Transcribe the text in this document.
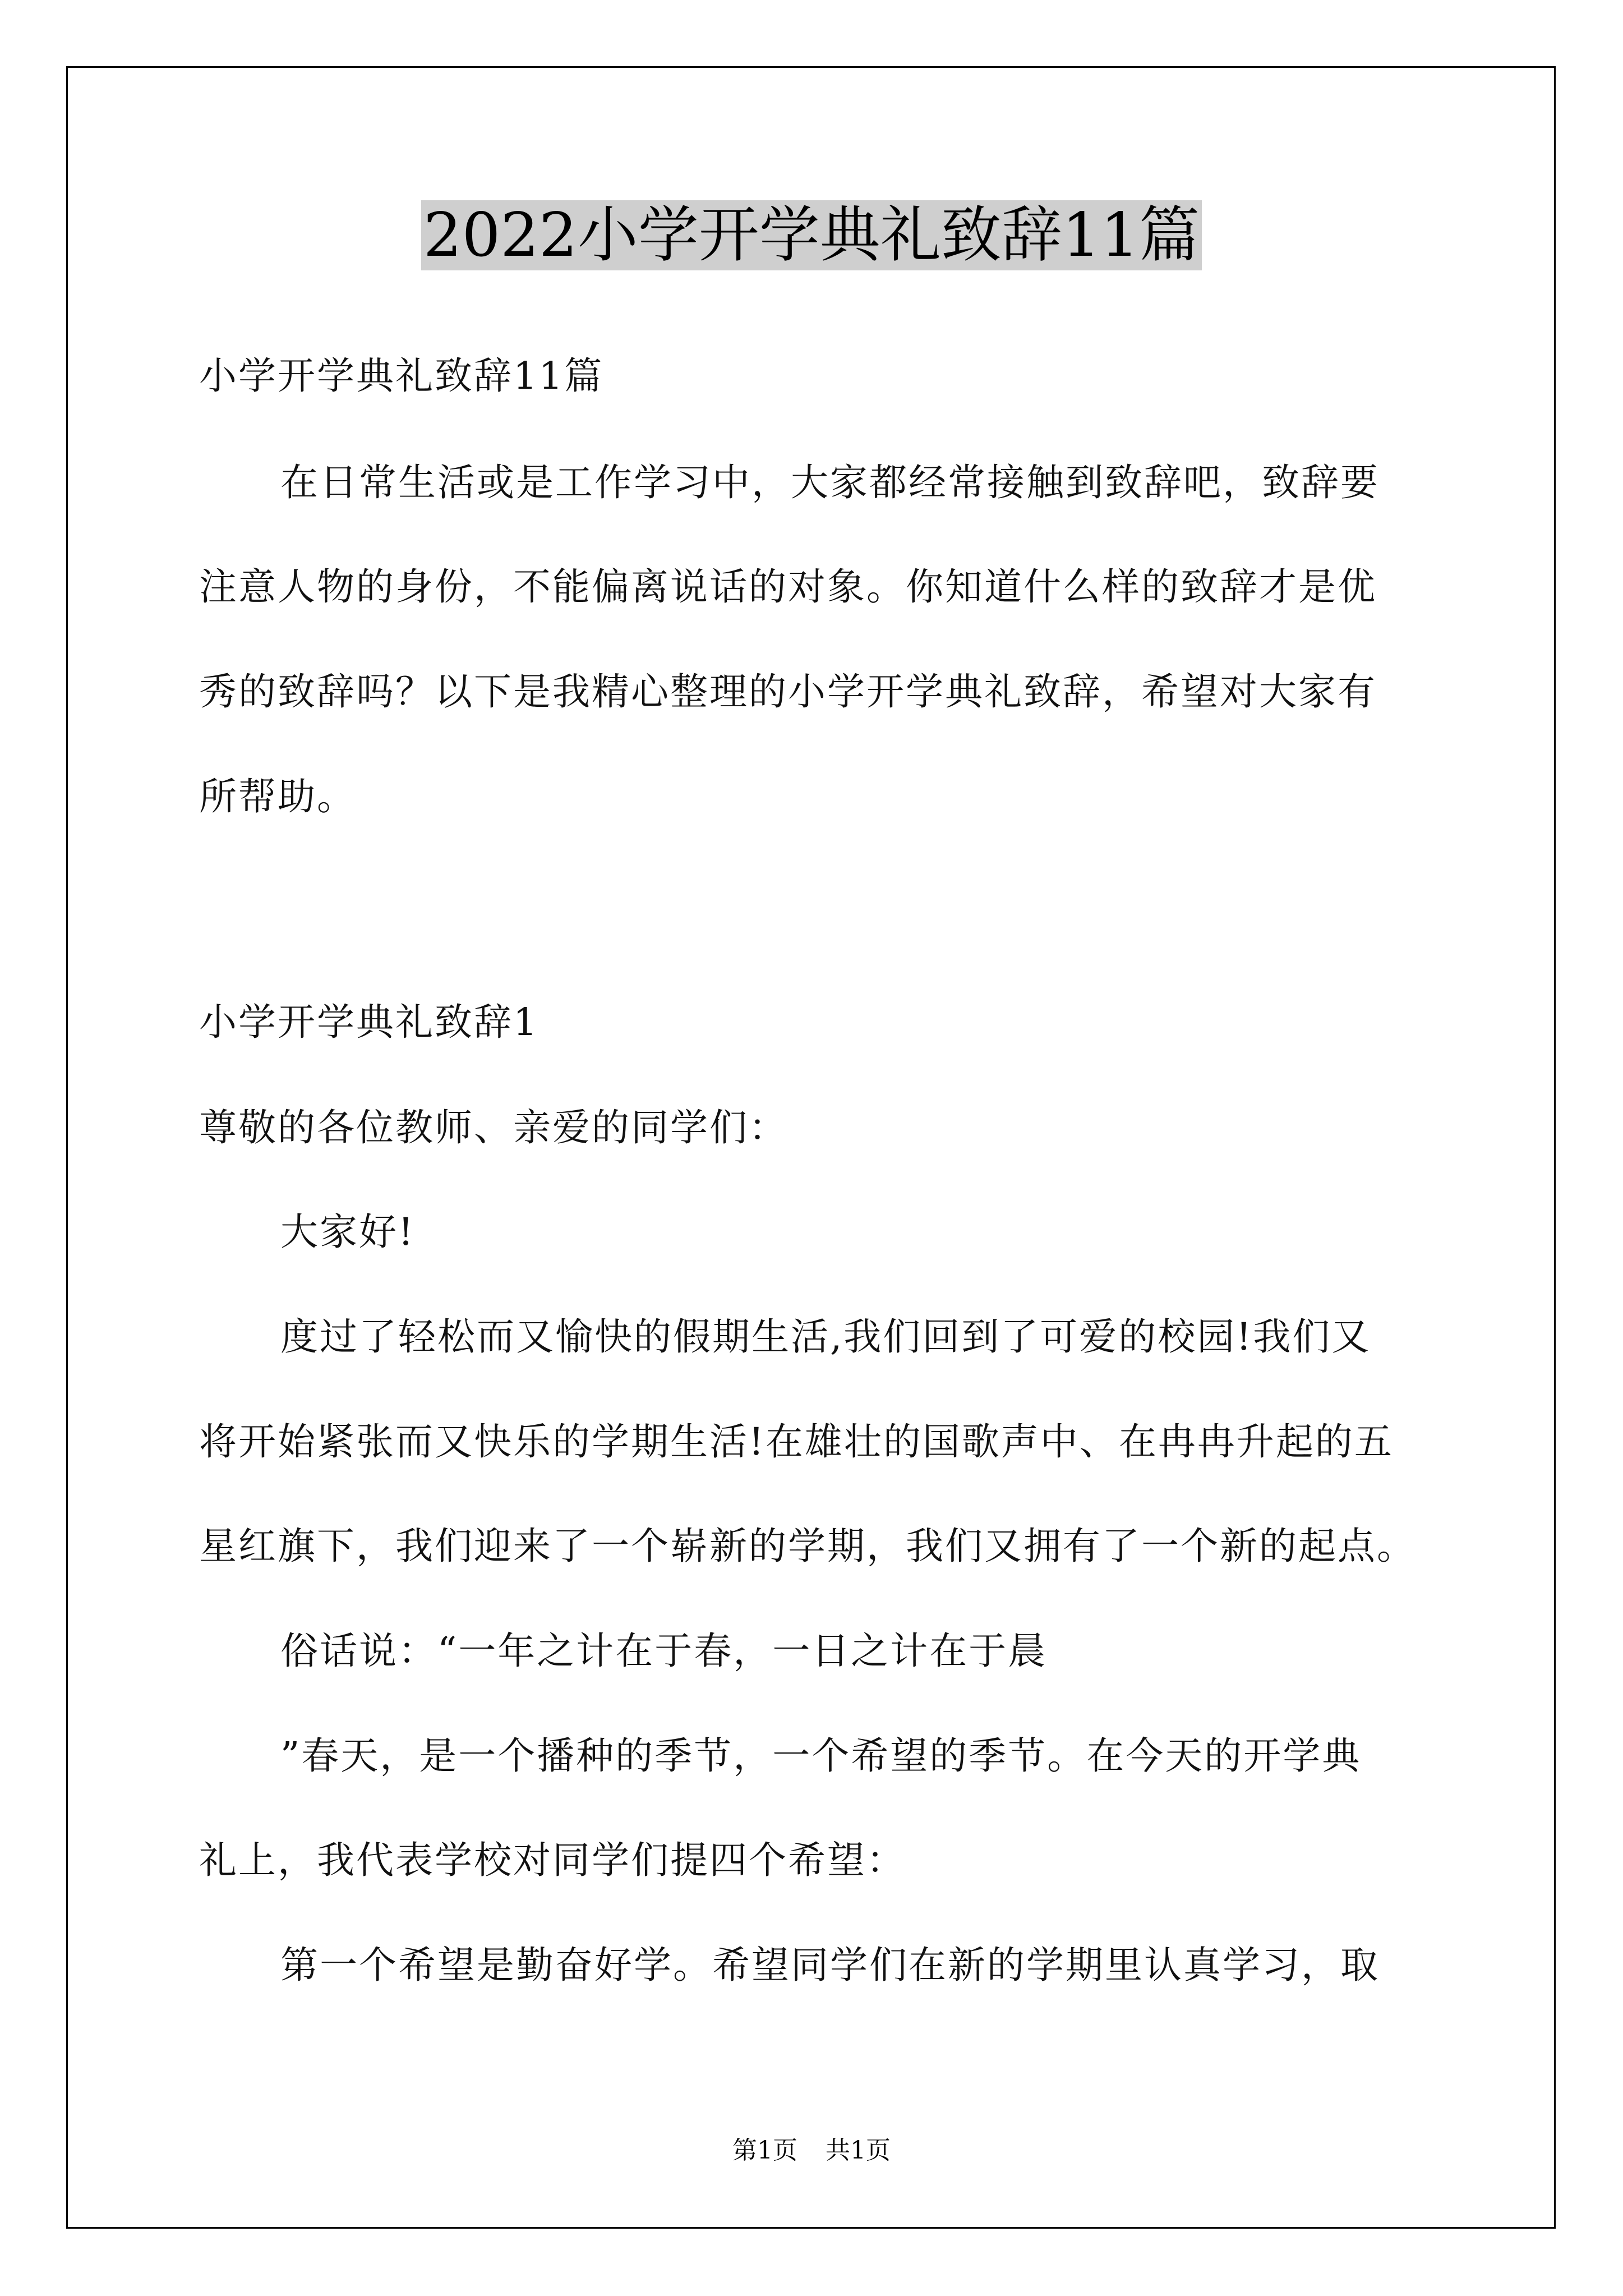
2022小学开学典礼致辞11篇
小学开学典礼致辞11篇
在日常生活或是工作学习中，大家都经常接触到致辞吧，致辞要
注意人物的身份，不能偏离说话的对象。你知道什么样的致辞才是优
秀的致辞吗？以下是我精心整理的小学开学典礼致辞，希望对大家有
所帮助。
小学开学典礼致辞1
尊敬的各位教师、亲爱的同学们：
大家好!
度过了轻松而又愉快的假期生活,我们回到了可爱的校园!我们又
将开始紧张而又快乐的学期生活!在雄壮的国歌声中、在冉冉升起的五
星红旗下，我们迎来了一个崭新的学期，我们又拥有了一个新的起点。
俗话说：“一年之计在于春，一日之计在于晨
”春天，是一个播种的季节，一个希望的季节。在今天的开学典
礼上，我代表学校对同学们提四个希望：
第一个希望是勤奋好学。希望同学们在新的学期里认真学习，取
第1页 共1页
